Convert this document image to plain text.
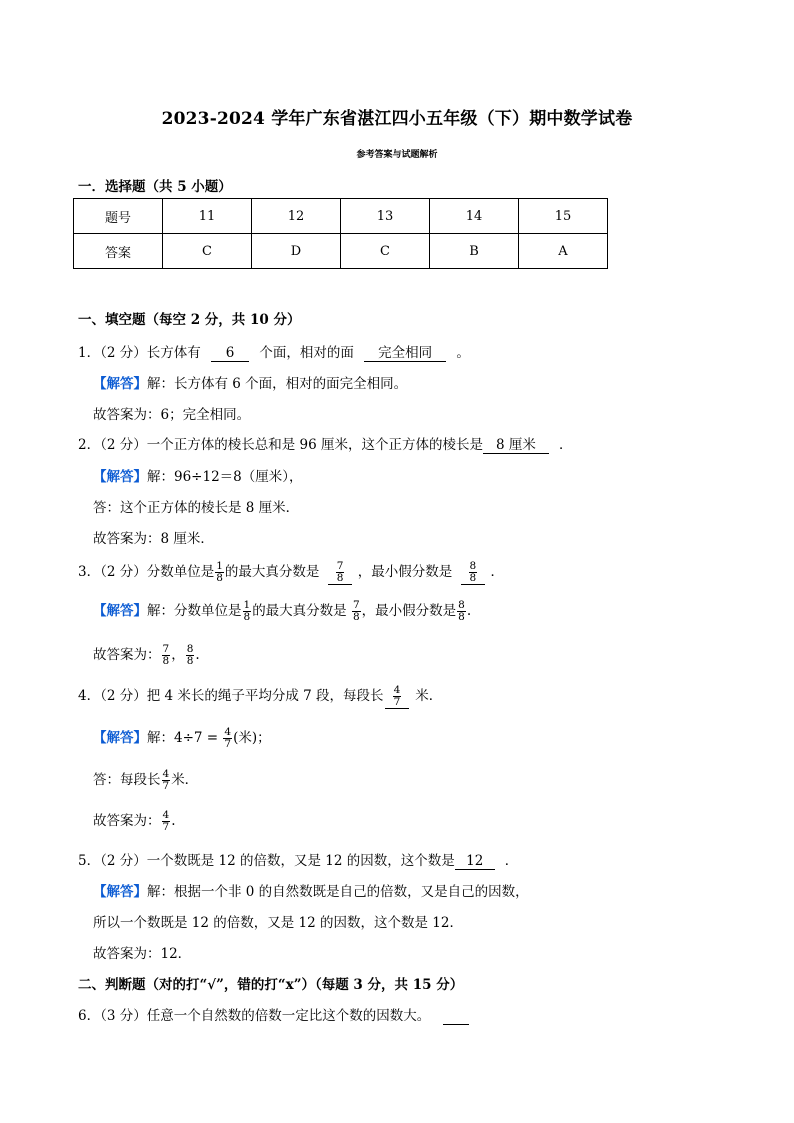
2023-2024 学年广东省湛江四小五年级（下）期中数学试卷
参考答案与试题解析
一．选择题（共 5 小题）
题号	11	12	13	14	15
答案	C	D	C	B	A
一、填空题（每空 2 分，共 10 分）
1．（2 分）长方体有 6 个面，相对的面 完全相同 。
【解答】解：长方体有 6 个面，相对的面完全相同。
故答案为：6；完全相同。
2．（2 分）一个正方体的棱长总和是 96 厘米，这个正方体的棱长是 8 厘米 ．
【解答】解：96÷12＝8（厘米），
答：这个正方体的棱长是 8 厘米．
故答案为：8 厘米．
3．（2 分）分数单位是 $\frac{1}{8}$ 的最大真分数是 $\frac{7}{8}$ ，最小假分数是 $\frac{8}{8}$ ．
【解答】解：分数单位是 $\frac{1}{8}$ 的最大真分数是 $\frac{7}{8}$ ，最小假分数是 $\frac{8}{8}$ .
故答案为： $\frac{7}{8}$ ， $\frac{8}{8}$ .
4．（2 分）把 4 米长的绳子平均分成 7 段，每段长 $\frac{4}{7}$ 米．
【解答】解：$4\div 7 = \frac{4}{7}$ (米)；
答：每段长 $\frac{4}{7}$ 米．
故答案为： $\frac{4}{7}$ .
5．（2 分）一个数既是 12 的倍数，又是 12 的因数，这个数是 12 ．
【解答】解：根据一个非 0 的自然数既是自己的倍数，又是自己的因数，
所以一个数既是 12 的倍数，又是 12 的因数，这个数是 12．
故答案为：12．
二、判断题（对的打“√”，错的打“x”）（每题 3 分，共 15 分）
6．（3 分）任意一个自然数的倍数一定比这个数的因数大。
